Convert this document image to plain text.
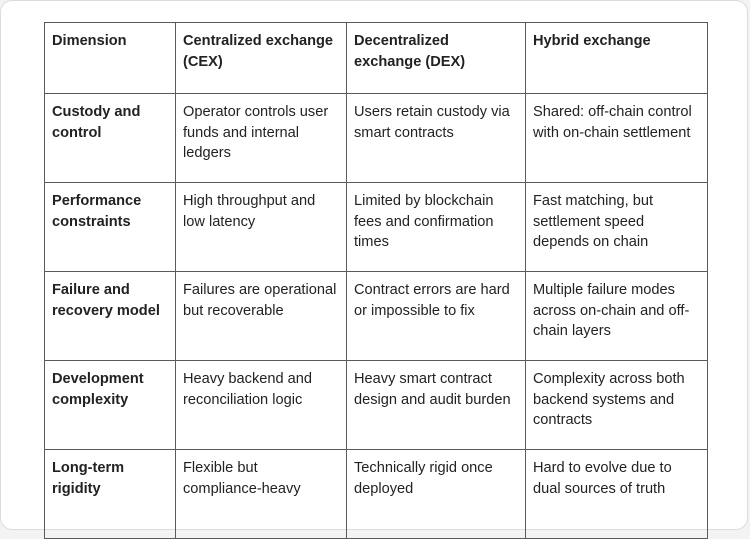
Dimension	Centralized exchange (CEX)	Decentralized exchange (DEX)	Hybrid exchange
Custody and control	Operator controls user funds and internal ledgers	Users retain custody via smart contracts	Shared: off-chain control with on-chain settlement
Performance constraints	High throughput and low latency	Limited by blockchain fees and confirmation times	Fast matching, but settlement speed depends on chain
Failure and recovery model	Failures are operational but recoverable	Contract errors are hard or impossible to fix	Multiple failure modes across on-chain and off-chain layers
Development complexity	Heavy backend and reconciliation logic	Heavy smart contract design and audit burden	Complexity across both backend systems and contracts
Long-term rigidity	Flexible but compliance-heavy	Technically rigid once deployed	Hard to evolve due to dual sources of truth
